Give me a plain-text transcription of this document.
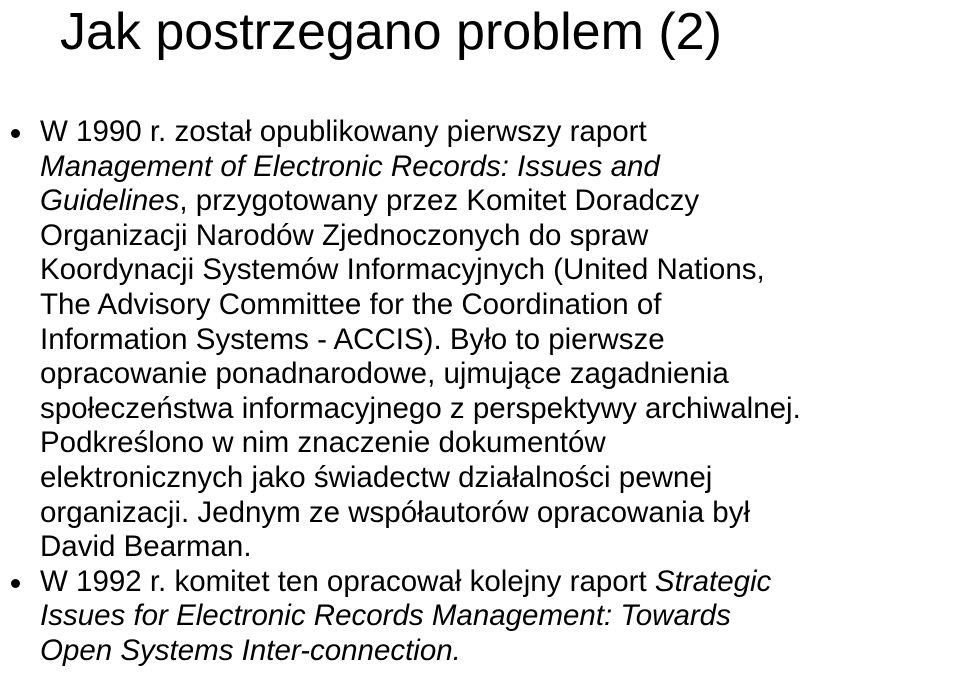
Jak postrzegano problem (2)
W 1990 r. został opublikowany pierwszy raport
Management of Electronic Records: Issues and
Guidelines, przygotowany przez Komitet Doradczy
Organizacji Narodów Zjednoczonych do spraw
Koordynacji Systemów Informacyjnych (United Nations,
The Advisory Committee for the Coordination of
Information Systems - ACCIS). Było to pierwsze
opracowanie ponadnarodowe, ujmujące zagadnienia
społeczeństwa informacyjnego z perspektywy archiwalnej.
Podkreślono w nim znaczenie dokumentów
elektronicznych jako świadectw działalności pewnej
organizacji. Jednym ze współautorów opracowania był
David Bearman.
W 1992 r. komitet ten opracował kolejny raport Strategic
Issues for Electronic Records Management: Towards
Open Systems Inter-connection.
